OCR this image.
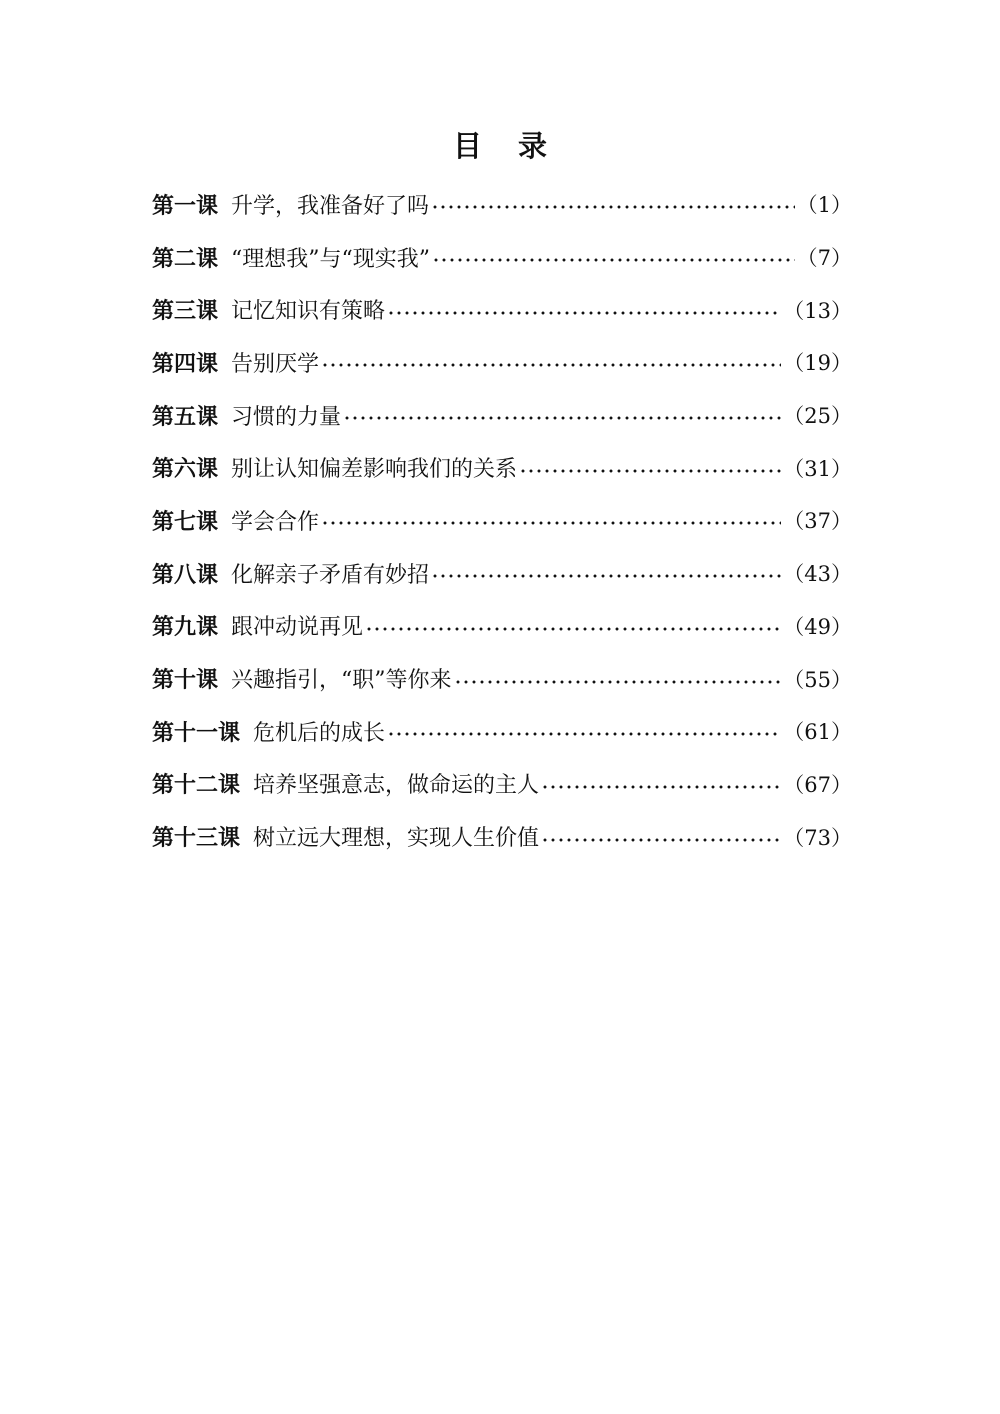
目 录
第一课 升学，我准备好了吗	（1）
第二课 “理想我”与“现实我”	（7）
第三课 记忆知识有策略	（13）
第四课 告别厌学	（19）
第五课 习惯的力量	（25）
第六课 别让认知偏差影响我们的关系	（31）
第七课 学会合作	（37）
第八课 化解亲子矛盾有妙招	（43）
第九课 跟冲动说再见	（49）
第十课 兴趣指引，“职”等你来	（55）
第十一课 危机后的成长	（61）
第十二课 培养坚强意志，做命运的主人	（67）
第十三课 树立远大理想，实现人生价值	（73）
